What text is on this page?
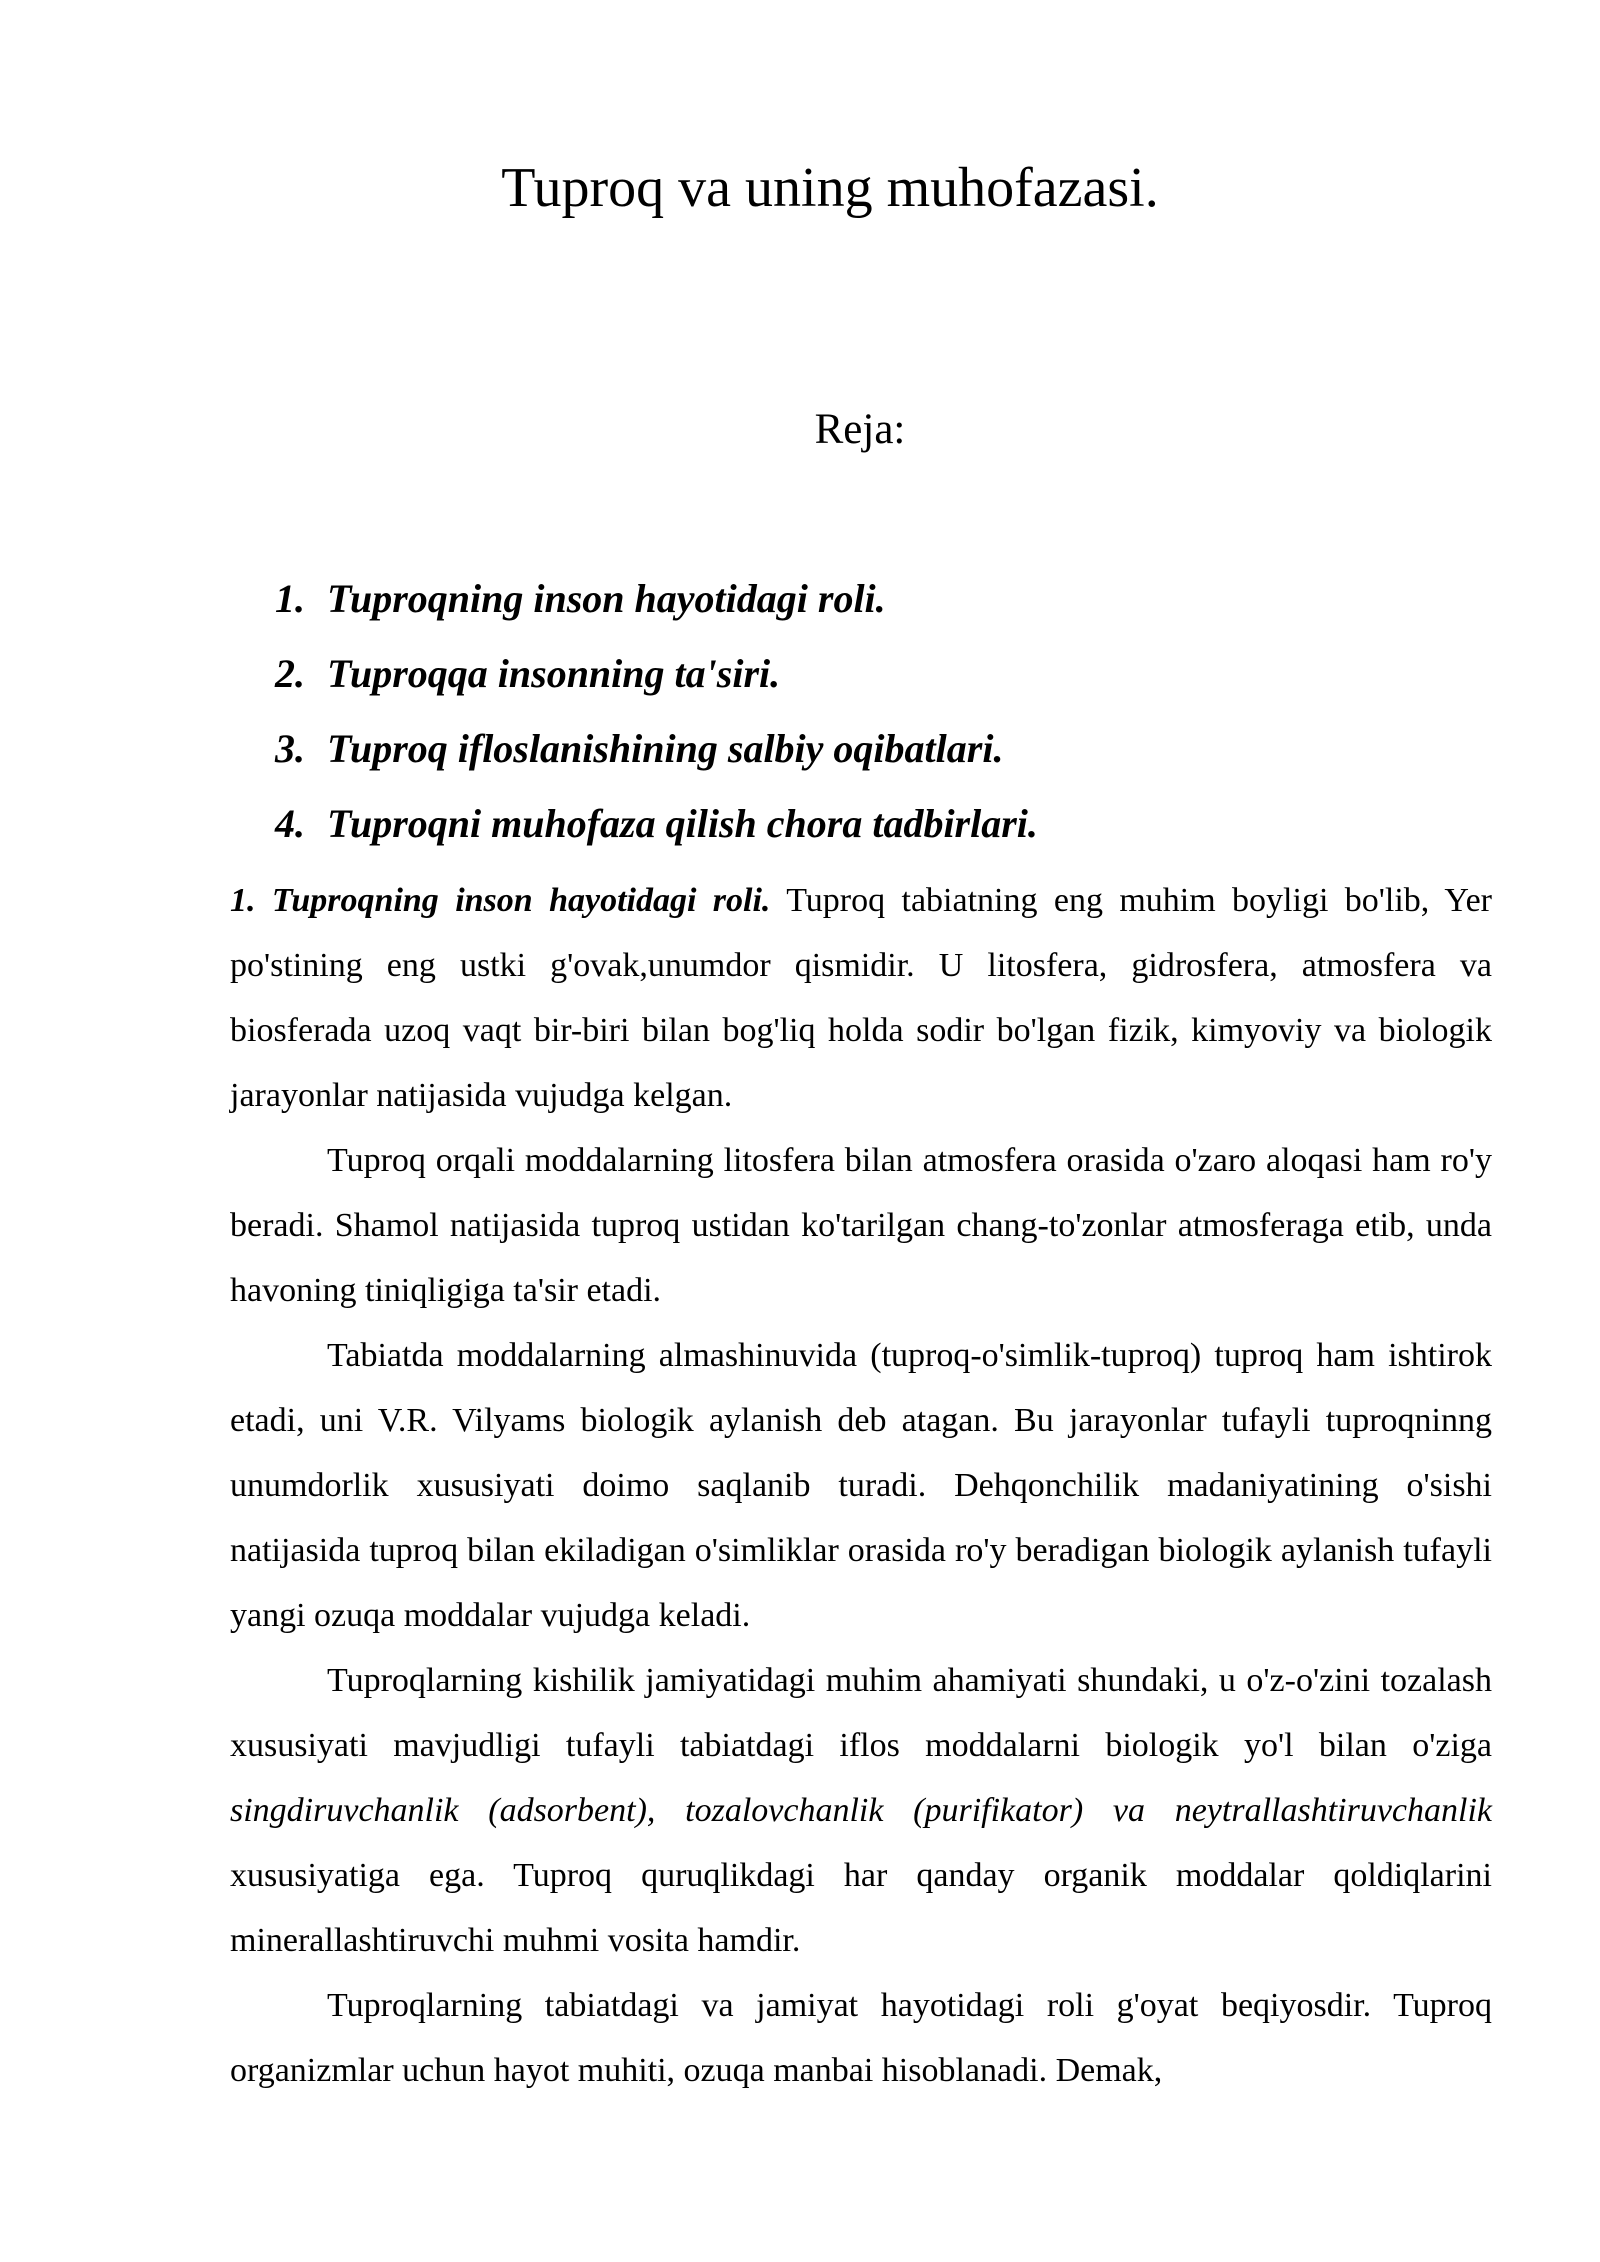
Tuproq va uning muhofazasi.
Reja:
1. Tuproqning inson hayotidagi roli.
2. Tuproqqa insonning ta'siri.
3. Tuproq ifloslanishining salbiy oqibatlari.
4. Tuproqni muhofaza qilish chora tadbirlari.

1. Tuproqning inson hayotidagi roli. Tuproq tabiatning eng muhim boyligi bo'lib, Yer po'stining eng ustki g'ovak,unumdor qismidir. U litosfera, gidrosfera, atmosfera va biosferada uzoq vaqt bir-biri bilan bog'liq holda sodir bo'lgan fizik, kimyoviy va biologik jarayonlar natijasida vujudga kelgan.

Tuproq orqali moddalarning litosfera bilan atmosfera orasida o'zaro aloqasi ham ro'y beradi. Shamol natijasida tuproq ustidan ko'tarilgan chang-to'zonlar atmosferaga etib, unda havoning tiniqligiga ta'sir etadi.

Tabiatda moddalarning almashinuvida (tuproq-o'simlik-tuproq) tuproq ham ishtirok etadi, uni V.R. Vilyams biologik aylanish deb atagan. Bu jarayonlar tufayli tuproqninng unumdorlik xususiyati doimo saqlanib turadi. Dehqonchilik madaniyatining o'sishi natijasida tuproq bilan ekiladigan o'simliklar orasida ro'y beradigan biologik aylanish tufayli yangi ozuqa moddalar vujudga keladi.

Tuproqlarning kishilik jamiyatidagi muhim ahamiyati shundaki, u o'z-o'zini tozalash xususiyati mavjudligi tufayli tabiatdagi iflos moddalarni biologik yo'l bilan o'ziga singdiruvchanlik (adsorbent), tozalovchanlik (purifikator) va neytrallashtiruvchanlik xususiyatiga ega. Tuproq quruqlikdagi har qanday organik moddalar qoldiqlarini minerallashtiruvchi muhmi vosita hamdir.

Tuproqlarning tabiatdagi va jamiyat hayotidagi roli g'oyat beqiyosdir. Tuproq organizmlar uchun hayot muhiti, ozuqa manbai hisoblanadi. Demak,
